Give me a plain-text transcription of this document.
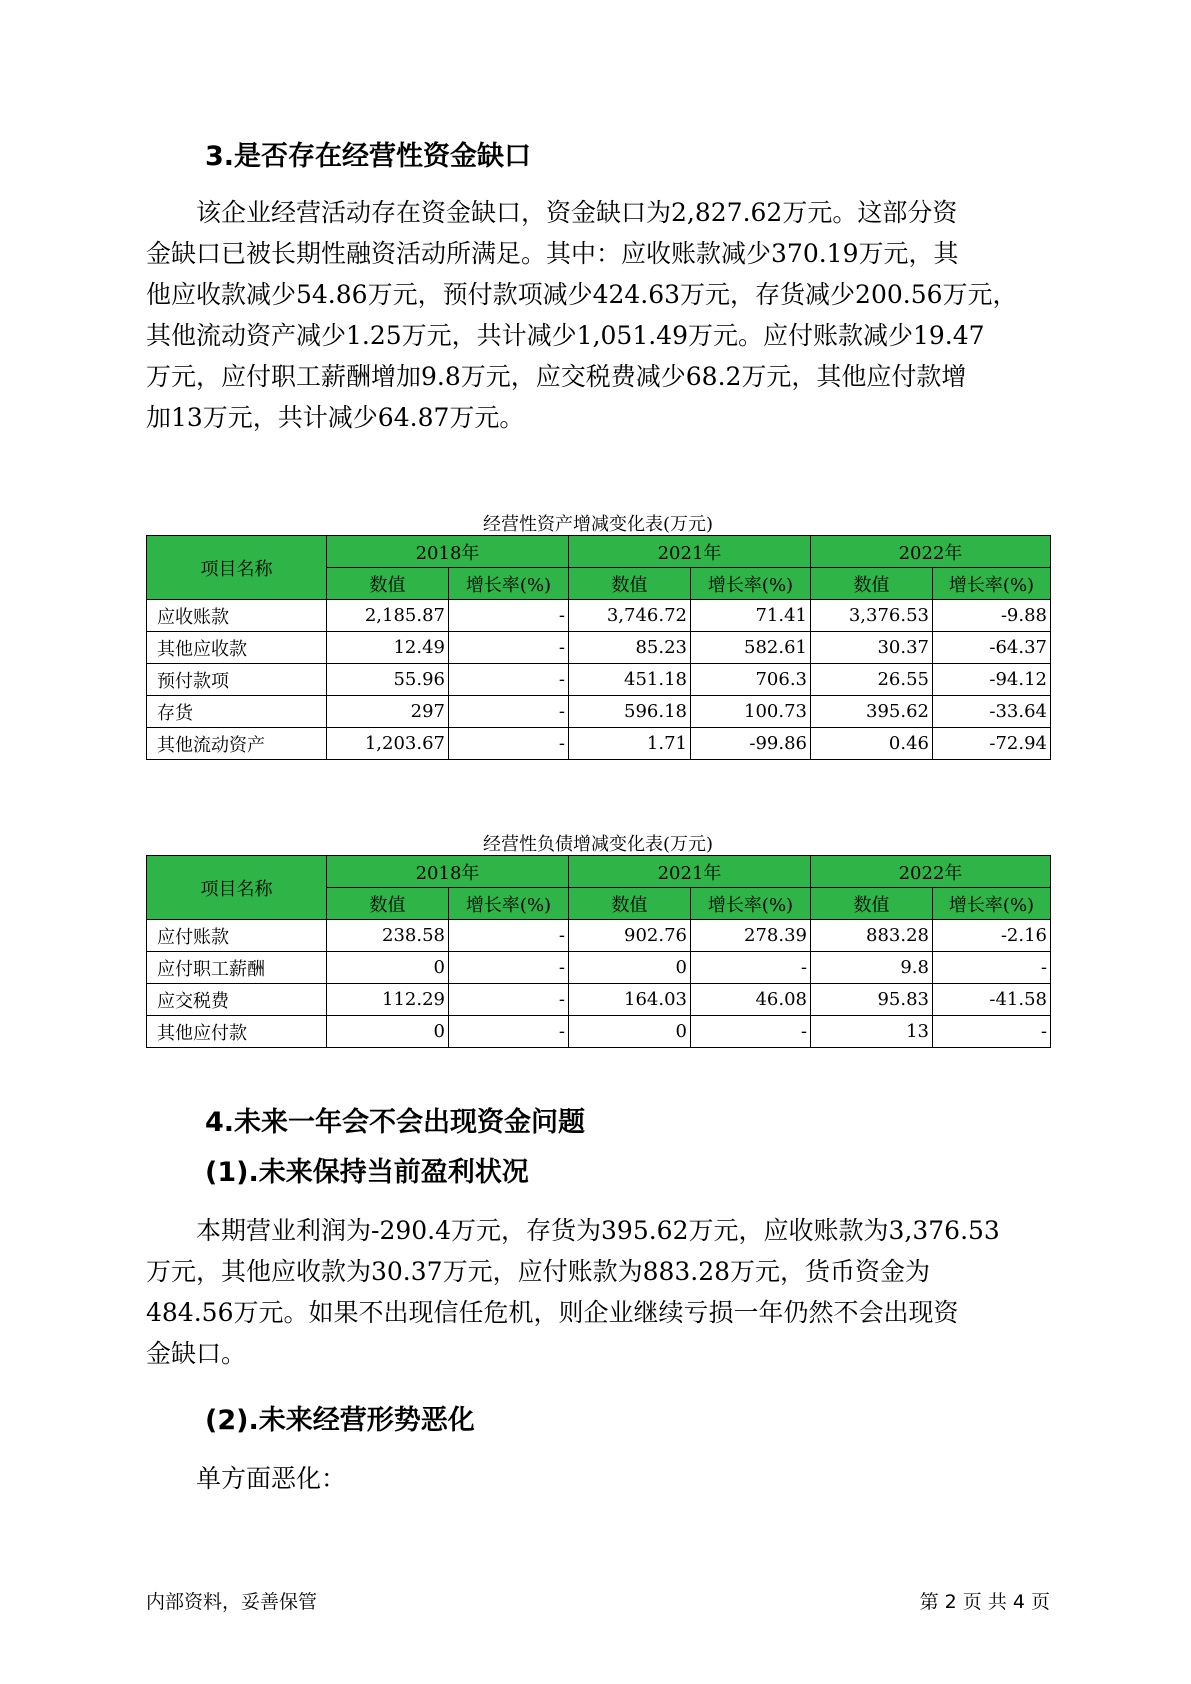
3.是否存在经营性资金缺口

该企业经营活动存在资金缺口，资金缺口为2,827.62万元。这部分资
金缺口已被长期性融资活动所满足。其中：应收账款减少370.19万元，其
他应收款减少54.86万元，预付款项减少424.63万元，存货减少200.56万元，
其他流动资产减少1.25万元，共计减少1,051.49万元。应付账款减少19.47
万元，应付职工薪酬增加9.8万元，应交税费减少68.2万元，其他应付款增
加13万元，共计减少64.87万元。

经营性资产增减变化表(万元)
项目名称	2018年		2021年		2022年	
	数值	增长率(%)	数值	增长率(%)	数值	增长率(%)
应收账款	2,185.87	-	3,746.72	71.41	3,376.53	-9.88
其他应收款	12.49	-	85.23	582.61	30.37	-64.37
预付款项	55.96	-	451.18	706.3	26.55	-94.12
存货	297	-	596.18	100.73	395.62	-33.64
其他流动资产	1,203.67	-	1.71	-99.86	0.46	-72.94
经营性负债增减变化表(万元)
项目名称	2018年		2021年		2022年	
	数值	增长率(%)	数值	增长率(%)	数值	增长率(%)
应付账款	238.58	-	902.76	278.39	883.28	-2.16
应付职工薪酬	0	-	0	-	9.8	-
应交税费	112.29	-	164.03	46.08	95.83	-41.58
其他应付款	0	-	0	-	13	-
4.未来一年会不会出现资金问题
(1).未来保持当前盈利状况

本期营业利润为-290.4万元，存货为395.62万元，应收账款为3,376.53
万元，其他应收款为30.37万元，应付账款为883.28万元，货币资金为
484.56万元。如果不出现信任危机，则企业继续亏损一年仍然不会出现资
金缺口。

(2).未来经营形势恶化

单方面恶化：

内部资料，妥善保管	第 2 页 共 4 页
